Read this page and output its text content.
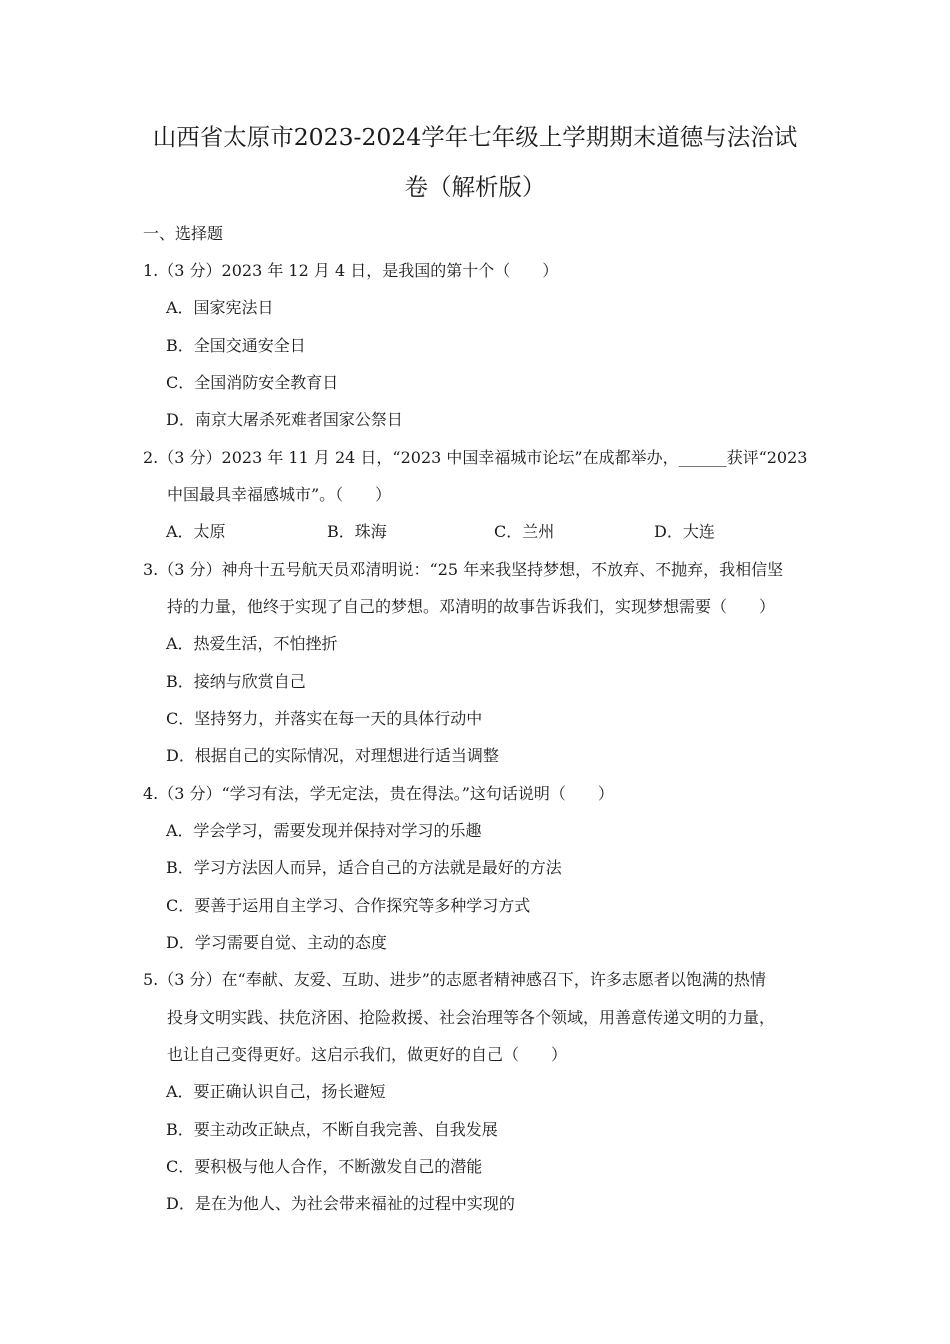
山西省太原市2023-2024学年七年级上学期期末道德与法治试
卷（解析版）
一、选择题
1.（3 分）2023 年 12 月 4 日，是我国的第十个（　　）
A．国家宪法日
B．全国交通安全日
C．全国消防安全教育日
D．南京大屠杀死难者国家公祭日
2.（3 分）2023 年 11 月 24 日，“2023 中国幸福城市论坛”在成都举办，______获评“2023
中国最具幸福感城市”。（　　）
A．太原	B．珠海	C．兰州	D．大连
3.（3 分）神舟十五号航天员邓清明说：“25 年来我坚持梦想，不放弃、不抛弃，我相信坚
持的力量，他终于实现了自己的梦想。邓清明的故事告诉我们，实现梦想需要（　　）
A．热爱生活，不怕挫折
B．接纳与欣赏自己
C．坚持努力，并落实在每一天的具体行动中
D．根据自己的实际情况，对理想进行适当调整
4.（3 分）“学习有法，学无定法，贵在得法。”这句话说明（　　）
A．学会学习，需要发现并保持对学习的乐趣
B．学习方法因人而异，适合自己的方法就是最好的方法
C．要善于运用自主学习、合作探究等多种学习方式
D．学习需要自觉、主动的态度
5.（3 分）在“奉献、友爱、互助、进步”的志愿者精神感召下，许多志愿者以饱满的热情
投身文明实践、扶危济困、抢险救援、社会治理等各个领域，用善意传递文明的力量，
也让自己变得更好。这启示我们，做更好的自己（　　）
A．要正确认识自己，扬长避短
B．要主动改正缺点，不断自我完善、自我发展
C．要积极与他人合作，不断激发自己的潜能
D．是在为他人、为社会带来福祉的过程中实现的
